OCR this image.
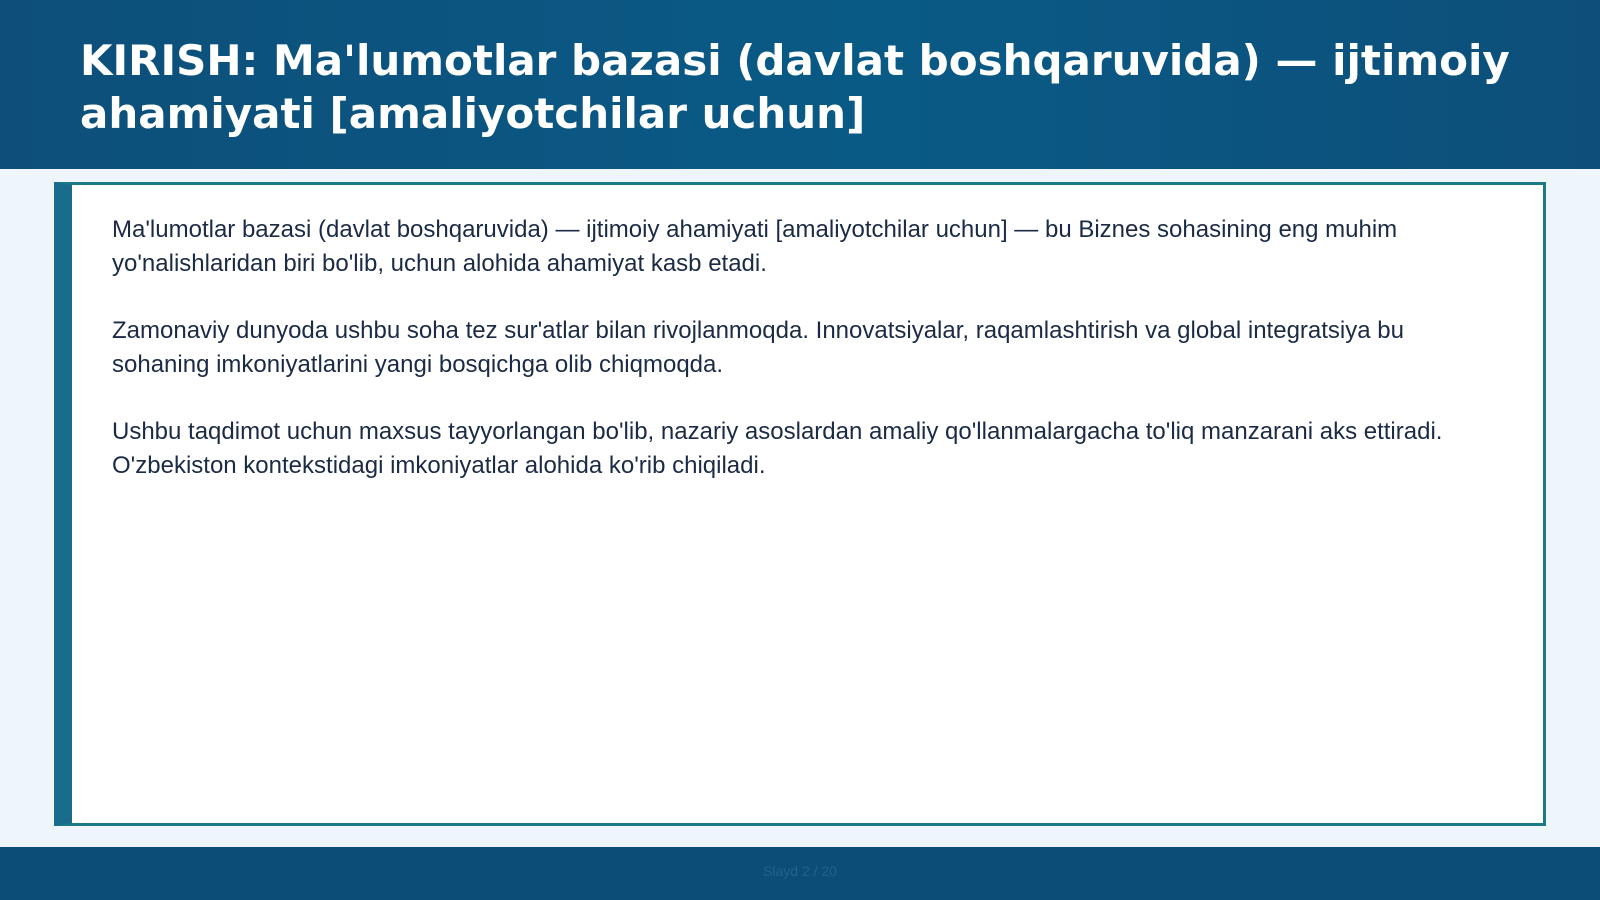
KIRISH: Ma'lumotlar bazasi (davlat boshqaruvida) — ijtimoiy ahamiyati [amaliyotchilar uchun]

Ma'lumotlar bazasi (davlat boshqaruvida) — ijtimoiy ahamiyati [amaliyotchilar uchun] — bu Biznes sohasining eng muhim yo'nalishlaridan biri bo'lib, uchun alohida ahamiyat kasb etadi.

Zamonaviy dunyoda ushbu soha tez sur'atlar bilan rivojlanmoqda. Innovatsiyalar, raqamlashtirish va global integratsiya bu sohaning imkoniyatlarini yangi bosqichga olib chiqmoqda.

Ushbu taqdimot uchun maxsus tayyorlangan bo'lib, nazariy asoslardan amaliy qo'llanmalargacha to'liq manzarani aks ettiradi. O'zbekiston kontekstidagi imkoniyatlar alohida ko'rib chiqiladi.

Slayd 2 / 20
